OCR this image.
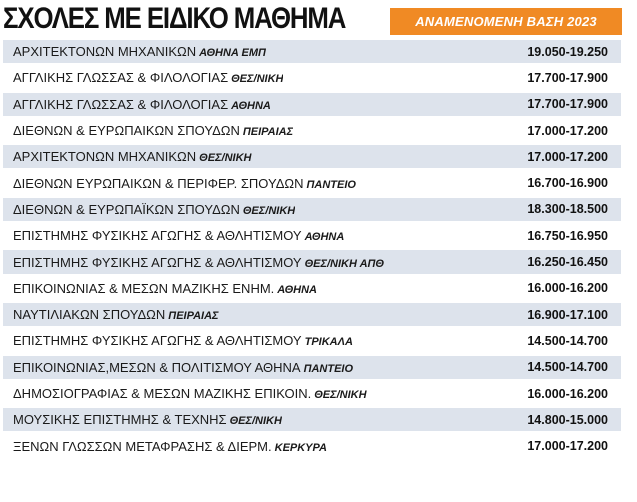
ΣΧΟΛΕΣ ΜΕ ΕΙΔΙΚΟ ΜΑΘΗΜΑ	ΑΝΑΜΕΝΟΜΕΝΗ ΒΑΣΗ 2023
ΑΡΧΙΤΕΚΤΟΝΩΝ ΜΗΧΑΝΙΚΩΝ ΑΘΗΝΑ ΕΜΠ	19.050-19.250
ΑΓΓΛΙΚΗΣ ΓΛΩΣΣΑΣ & ΦΙΛΟΛΟΓΙΑΣ ΘΕΣ/ΝΙΚΗ	17.700-17.900
ΑΓΓΛΙΚΗΣ ΓΛΩΣΣΑΣ & ΦΙΛΟΛΟΓΙΑΣ ΑΘΗΝΑ	17.700-17.900
ΔΙΕΘΝΩΝ & ΕΥΡΩΠΑΙΚΩΝ ΣΠΟΥΔΩΝ ΠΕΙΡΑΙΑΣ	17.000-17.200
ΑΡΧΙΤΕΚΤΟΝΩΝ ΜΗΧΑΝΙΚΩΝ ΘΕΣ/ΝΙΚΗ	17.000-17.200
ΔΙΕΘΝΩΝ ΕΥΡΩΠΑΙΚΩΝ & ΠΕΡΙΦΕΡ. ΣΠΟΥΔΩΝ ΠΑΝΤΕΙΟ	16.700-16.900
ΔΙΕΘΝΩΝ & ΕΥΡΩΠΑΪΚΩΝ ΣΠΟΥΔΩΝ ΘΕΣ/ΝΙΚΗ	18.300-18.500
ΕΠΙΣΤΗΜΗΣ ΦΥΣΙΚΗΣ ΑΓΩΓΗΣ & ΑΘΛΗΤΙΣΜΟΥ ΑΘΗΝΑ	16.750-16.950
ΕΠΙΣΤΗΜΗΣ ΦΥΣΙΚΗΣ ΑΓΩΓΗΣ & ΑΘΛΗΤΙΣΜΟΥ ΘΕΣ/ΝΙΚΗ ΑΠΘ	16.250-16.450
ΕΠΙΚΟΙΝΩΝΙΑΣ & ΜΕΣΩΝ ΜΑΖΙΚΗΣ ΕΝΗΜ. ΑΘΗΝΑ	16.000-16.200
ΝΑΥΤΙΛΙΑΚΩΝ ΣΠΟΥΔΩΝ ΠΕΙΡΑΙΑΣ	16.900-17.100
ΕΠΙΣΤΗΜΗΣ ΦΥΣΙΚΗΣ ΑΓΩΓΗΣ & ΑΘΛΗΤΙΣΜΟΥ ΤΡΙΚΑΛΑ	14.500-14.700
ΕΠΙΚΟΙΝΩΝΙΑΣ,ΜΕΣΩΝ & ΠΟΛΙΤΙΣΜΟΥ ΑΘΗΝΑ ΠΑΝΤΕΙΟ	14.500-14.700
ΔΗΜΟΣΙΟΓΡΑΦΙΑΣ & ΜΕΣΩΝ ΜΑΖΙΚΗΣ ΕΠΙΚΟΙΝ. ΘΕΣ/ΝΙΚΗ	16.000-16.200
ΜΟΥΣΙΚΗΣ ΕΠΙΣΤΗΜΗΣ & ΤΕΧΝΗΣ ΘΕΣ/ΝΙΚΗ	14.800-15.000
ΞΕΝΩΝ ΓΛΩΣΣΩΝ ΜΕΤΑΦΡΑΣΗΣ & ΔΙΕΡΜ. ΚΕΡΚΥΡΑ	17.000-17.200
